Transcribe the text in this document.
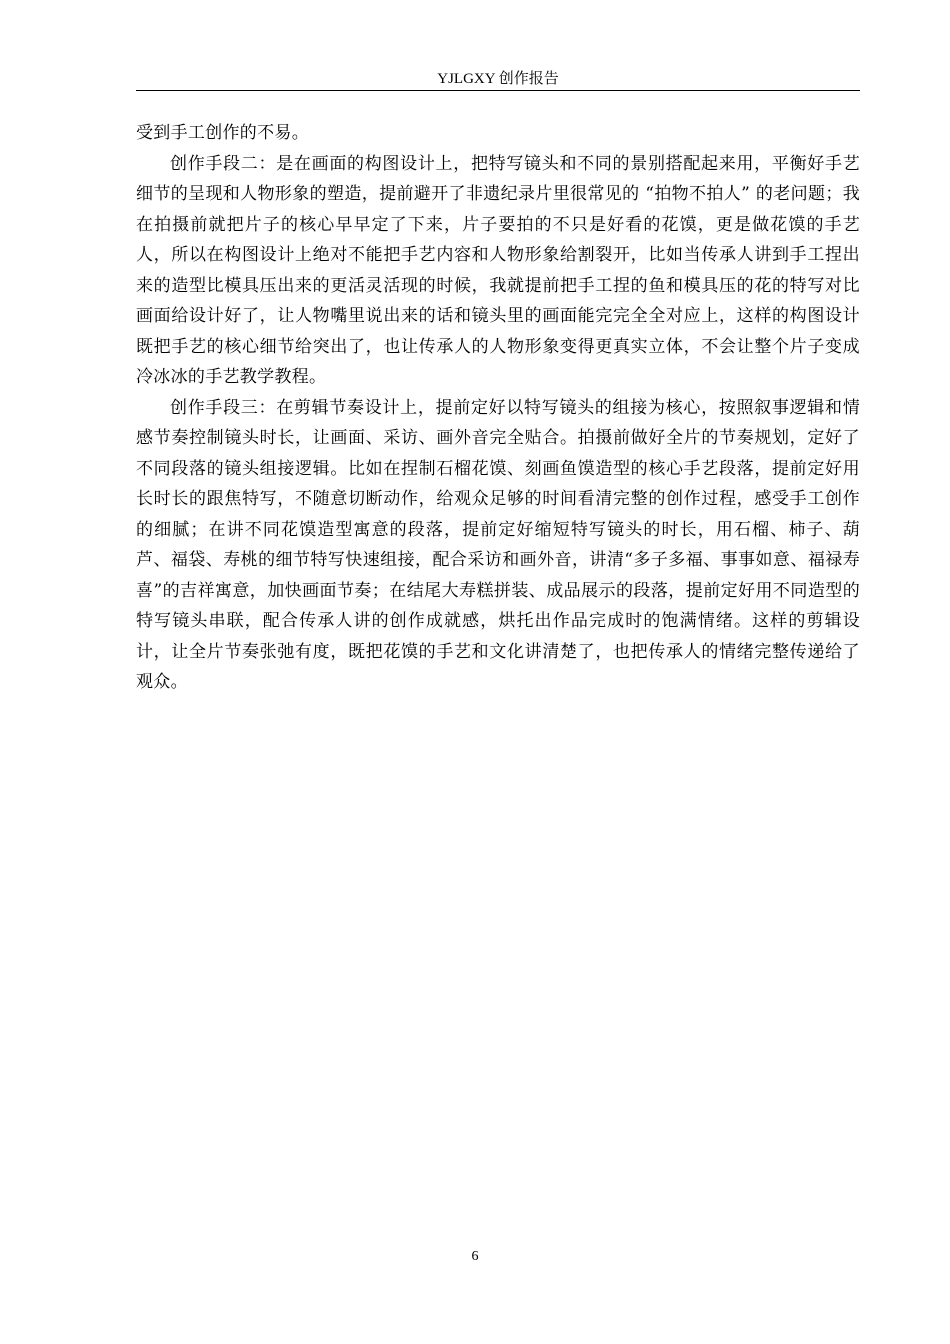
YJLGXY 创作报告

受到手工创作的不易。

创作手段二：是在画面的构图设计上，把特写镜头和不同的景别搭配起来用，平衡好手艺细节的呈现和人物形象的塑造，提前避开了非遗纪录片里很常见的 “拍物不拍人” 的老问题；我在拍摄前就把片子的核心早早定了下来，片子要拍的不只是好看的花馍，更是做花馍的手艺人，所以在构图设计上绝对不能把手艺内容和人物形象给割裂开，比如当传承人讲到手工捏出来的造型比模具压出来的更活灵活现的时候，我就提前把手工捏的鱼和模具压的花的特写对比画面给设计好了，让人物嘴里说出来的话和镜头里的画面能完完全全对应上，这样的构图设计既把手艺的核心细节给突出了，也让传承人的人物形象变得更真实立体，不会让整个片子变成冷冰冰的手艺教学教程。

创作手段三：在剪辑节奏设计上，提前定好以特写镜头的组接为核心，按照叙事逻辑和情感节奏控制镜头时长，让画面、采访、画外音完全贴合。拍摄前做好全片的节奏规划，定好了不同段落的镜头组接逻辑。比如在捏制石榴花馍、刻画鱼馍造型的核心手艺段落，提前定好用长时长的跟焦特写，不随意切断动作，给观众足够的时间看清完整的创作过程，感受手工创作的细腻；在讲不同花馍造型寓意的段落，提前定好缩短特写镜头的时长，用石榴、柿子、葫芦、福袋、寿桃的细节特写快速组接，配合采访和画外音，讲清“多子多福、事事如意、福禄寿喜”的吉祥寓意，加快画面节奏；在结尾大寿糕拼装、成品展示的段落，提前定好用不同造型的特写镜头串联，配合传承人讲的创作成就感，烘托出作品完成时的饱满情绪。这样的剪辑设计，让全片节奏张弛有度，既把花馍的手艺和文化讲清楚了，也把传承人的情绪完整传递给了观众。

6
